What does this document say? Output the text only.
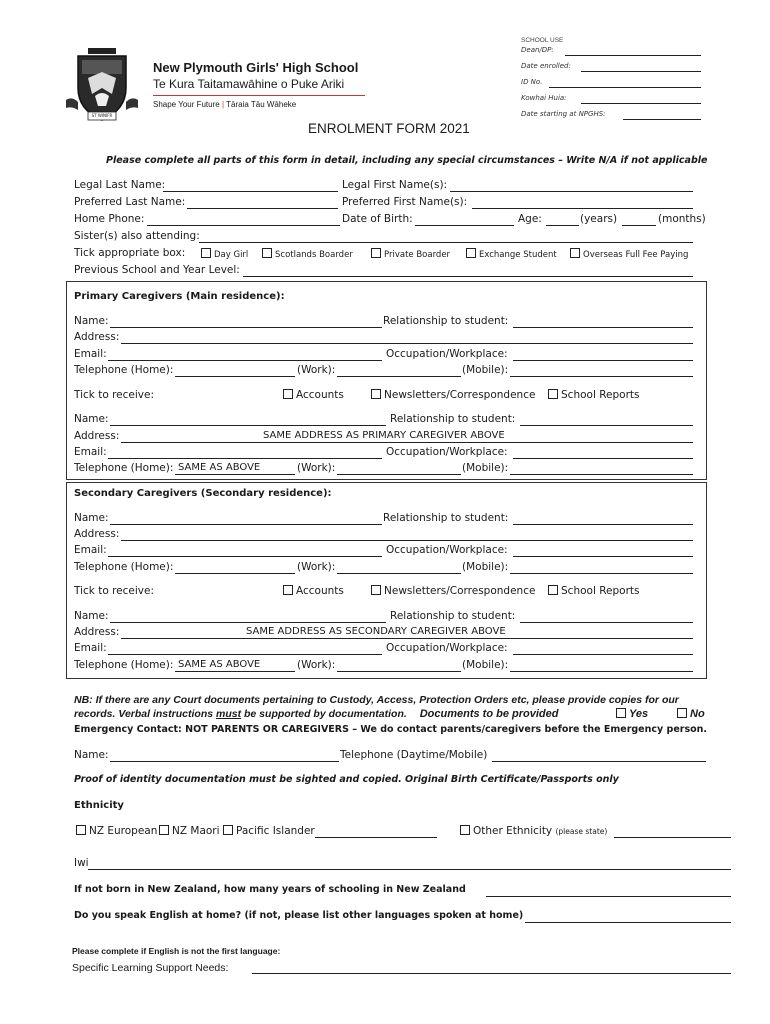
ST WINIFR
New Plymouth Girls' High School
Te Kura Taitamawāhine o Puke Ariki
Shape Your Future | Tāraia Tāu Wāheke
SCHOOL USE
Dean/DP:
Date enrolled:
ID No.
Kowhai Huia:
Date starting at NPGHS:
ENROLMENT FORM 2021
Please complete all parts of this form in detail, including any special circumstances – Write N/A if not applicable
Legal Last Name:	Legal First Name(s):
Preferred Last Name:	Preferred First Name(s):
Home Phone:	Date of Birth:	Age:	(years)	(months)
Sister(s) also attending:
Tick appropriate box:	Day Girl	Scotlands Boarder	Private Boarder	Exchange Student	Overseas Full Fee Paying
Previous School and Year Level:
Primary Caregivers (Main residence):
Name:	Relationship to student:
Address:
Email:	Occupation/Workplace:
Telephone (Home):	(Work):	(Mobile):
Tick to receive:	Accounts	Newsletters/Correspondence	School Reports
Name:	Relationship to student:
Address:	SAME ADDRESS AS PRIMARY CAREGIVER ABOVE
Email:	Occupation/Workplace:
Telephone (Home): SAME AS ABOVE	(Work):	(Mobile):
Secondary Caregivers (Secondary residence):
Name:	Relationship to student:
Address:
Email:	Occupation/Workplace:
Telephone (Home):	(Work):	(Mobile):
Tick to receive:	Accounts	Newsletters/Correspondence	School Reports
Name:	Relationship to student:
Address:	SAME ADDRESS AS SECONDARY CAREGIVER ABOVE
Email:	Occupation/Workplace:
Telephone (Home): SAME AS ABOVE	(Work):	(Mobile):
NB: If there are any Court documents pertaining to Custody, Access, Protection Orders etc, please provide copies for our
records. Verbal instructions must be supported by documentation. Documents to be provided	Yes	No
Emergency Contact: NOT PARENTS OR CAREGIVERS – We do contact parents/caregivers before the Emergency person.
Name:	Telephone (Daytime/Mobile)
Proof of identity documentation must be sighted and copied. Original Birth Certificate/Passports only
Ethnicity
NZ European	NZ Maori	Pacific Islander	Other Ethnicity (please state)
Iwi
If not born in New Zealand, how many years of schooling in New Zealand
Do you speak English at home? (if not, please list other languages spoken at home)
Please complete if English is not the first language:
Specific Learning Support Needs:
